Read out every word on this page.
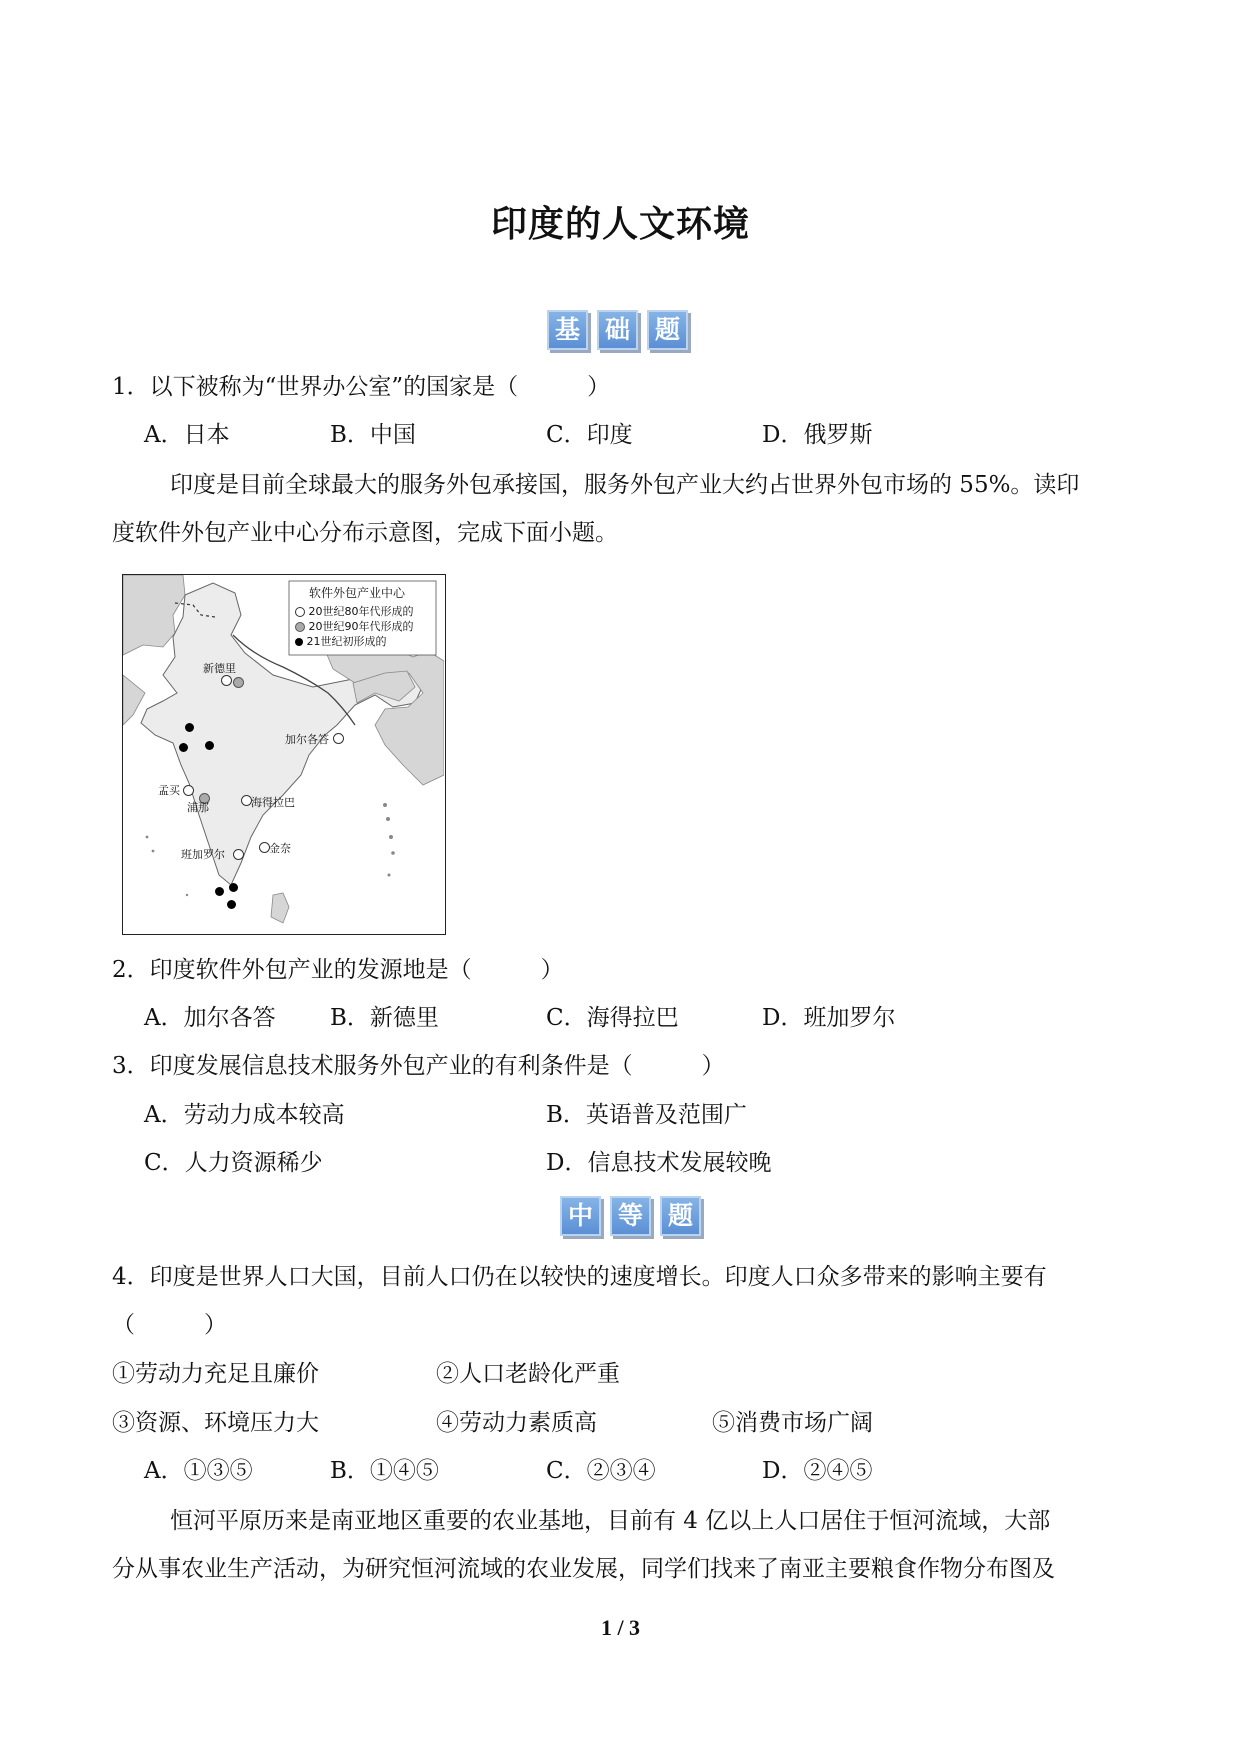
印度的人文环境
基 础 题
1．以下被称为“世界办公室”的国家是（　　　）
A．日本	B．中国	C．印度	D．俄罗斯
印度是目前全球最大的服务外包承接国，服务外包产业大约占世界外包市场的 55%。读印
度软件外包产业中心分布示意图，完成下面小题。
软件外包产业中心
20世纪80年代形成的
20世纪90年代形成的
21世纪初形成的
新德里
加尔各答
孟买
浦那	海得拉巴
班加罗尔	金奈
2．印度软件外包产业的发源地是（　　　）
A．加尔各答 B．新德里	C．海得拉巴	D．班加罗尔
3．印度发展信息技术服务外包产业的有利条件是（　　　）
A．劳动力成本较高	B．英语普及范围广
C．人力资源稀少	D．信息技术发展较晚
中 等 题
4．印度是世界人口大国，目前人口仍在以较快的速度增长。印度人口众多带来的影响主要有
（　　　）
①劳动力充足且廉价	②人口老龄化严重
③资源、环境压力大	④劳动力素质高	⑤消费市场广阔
A．①③⑤	B．①④⑤	C．②③④	D．②④⑤
恒河平原历来是南亚地区重要的农业基地，目前有 4 亿以上人口居住于恒河流域，大部
分从事农业生产活动，为研究恒河流域的农业发展，同学们找来了南亚主要粮食作物分布图及
1 / 3
